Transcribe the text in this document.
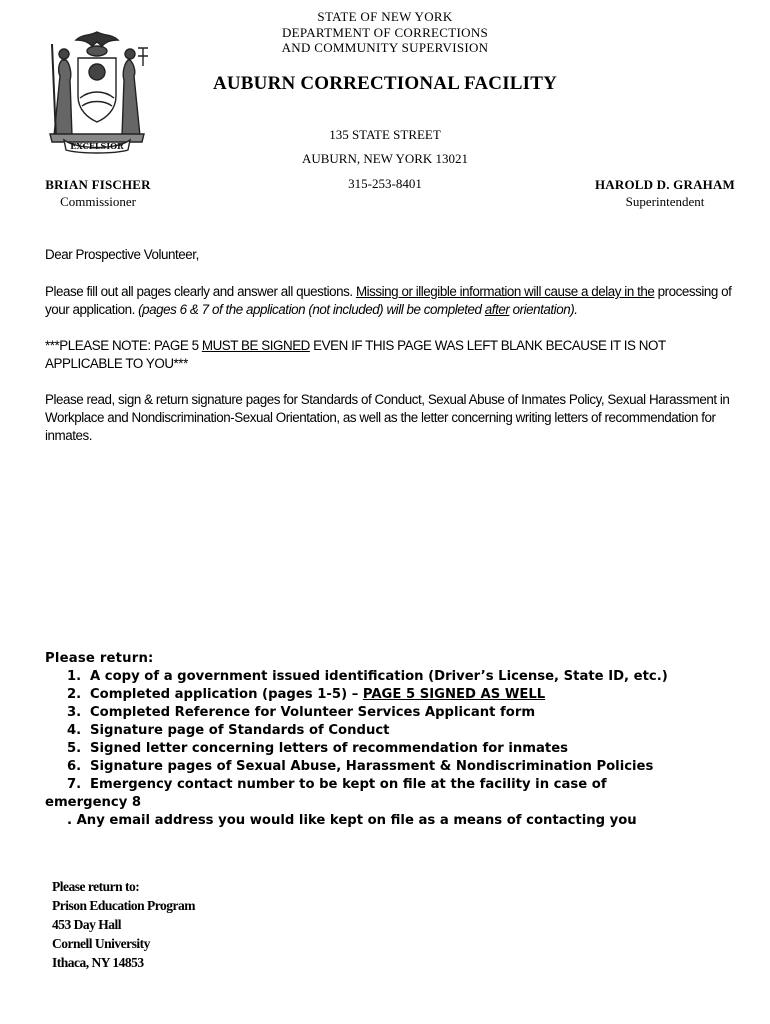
EXCELSIOR
STATE OF NEW YORK
DEPARTMENT OF CORRECTIONS
AND COMMUNITY SUPERVISION
AUBURN CORRECTIONAL FACILITY
135 STATE STREET
AUBURN, NEW YORK 13021
315-253-8401
BRIAN FISCHER
Commissioner
HAROLD D. GRAHAM
Superintendent
Dear Prospective Volunteer,
Please fill out all pages clearly and answer all questions. Missing or illegible information will cause a delay in the processing of your application. (pages 6 & 7 of the application (not included) will be completed after orientation).
***PLEASE NOTE: PAGE 5 MUST BE SIGNED EVEN IF THIS PAGE WAS LEFT BLANK BECAUSE IT IS NOT APPLICABLE TO YOU***
Please read, sign & return signature pages for Standards of Conduct, Sexual Abuse of Inmates Policy, Sexual Harassment in Workplace and Nondiscrimination-Sexual Orientation, as well as the letter concerning writing letters of recommendation for inmates.
Please return:
1. A copy of a government issued identification (Driver’s License, State ID, etc.)
2. Completed application (pages 1-5) – PAGE 5 SIGNED AS WELL
3. Completed Reference for Volunteer Services Applicant form
4. Signature page of Standards of Conduct
5. Signed letter concerning letters of recommendation for inmates
6. Signature pages of Sexual Abuse, Harassment & Nondiscrimination Policies
7. Emergency contact number to be kept on file at the facility in case of
emergency 8
. Any email address you would like kept on file as a means of contacting you
Please return to:
Prison Education Program
453 Day Hall
Cornell University
Ithaca, NY 14853
